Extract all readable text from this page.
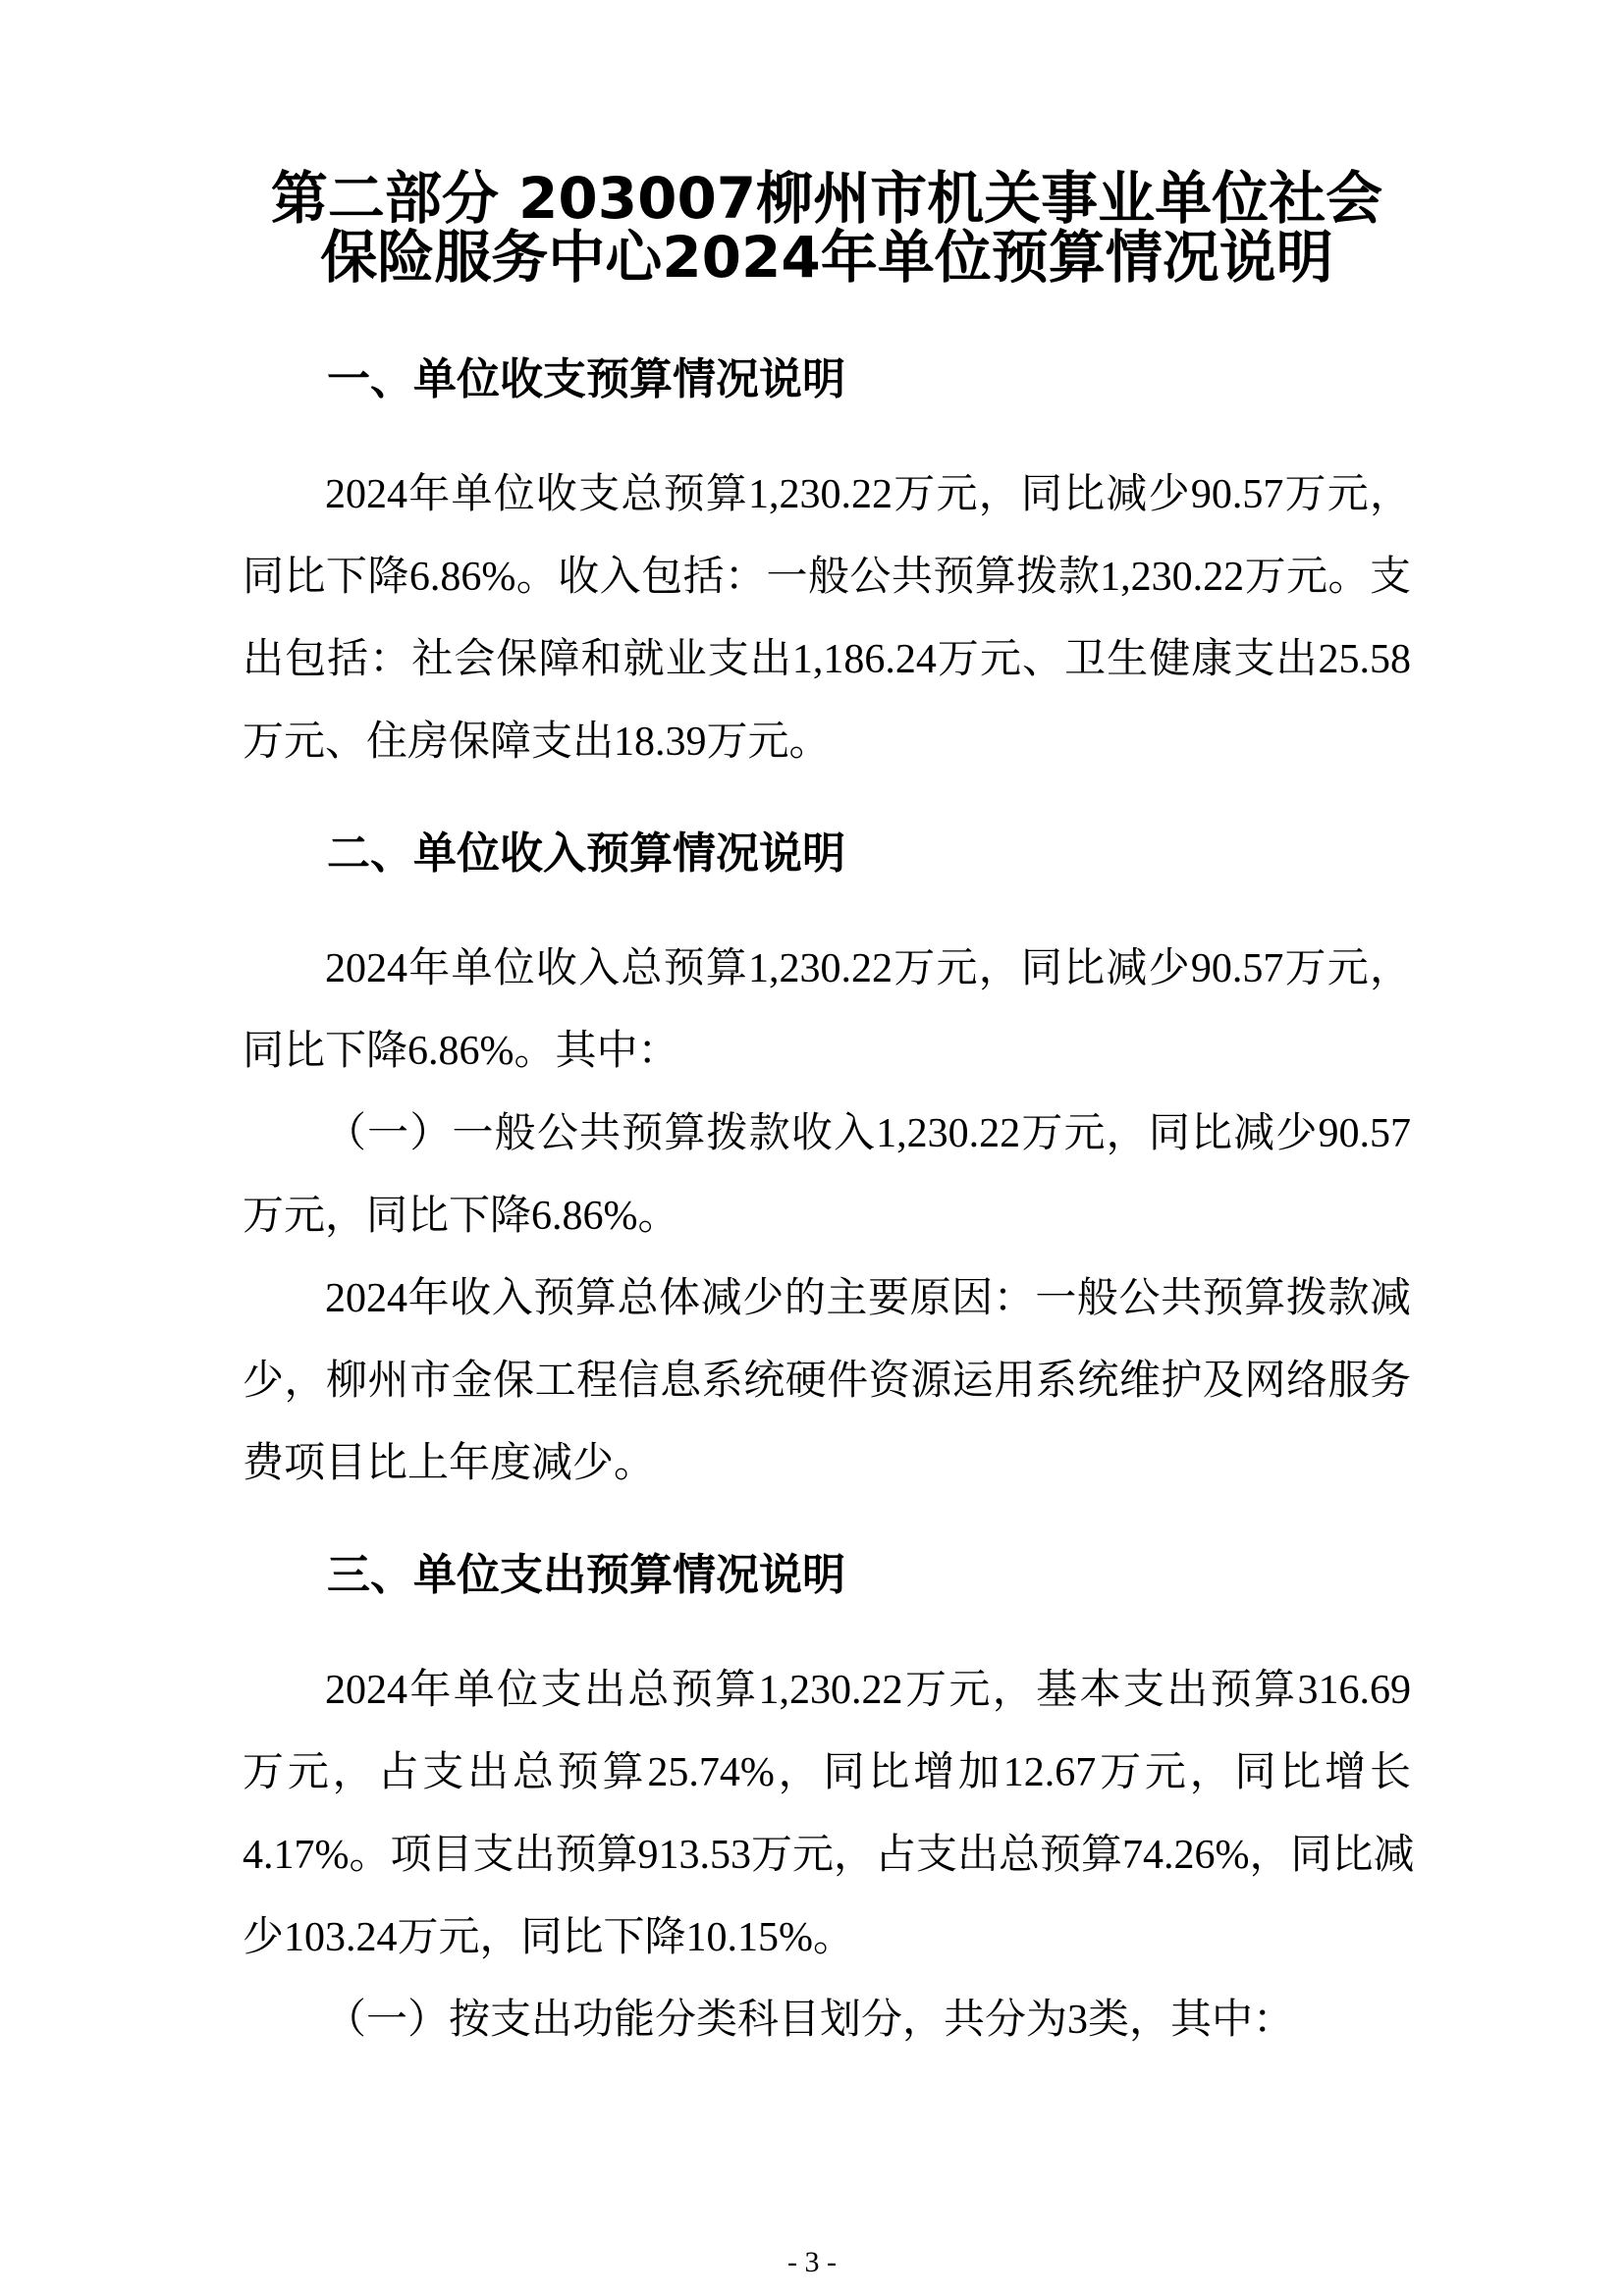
第二部分 203007柳州市机关事业单位社会
保险服务中心2024年单位预算情况说明
一、单位收支预算情况说明
2024年单位收支总预算1,230.22万元，同比减少90.57万元，
同比下降6.86%。收入包括：一般公共预算拨款1,230.22万元。支
出包括：社会保障和就业支出1,186.24万元、卫生健康支出25.58
万元、住房保障支出18.39万元。
二、单位收入预算情况说明
2024年单位收入总预算1,230.22万元，同比减少90.57万元，
同比下降6.86%。其中：
（一）一般公共预算拨款收入1,230.22万元，同比减少90.57
万元，同比下降6.86%。
2024年收入预算总体减少的主要原因：一般公共预算拨款减
少，柳州市金保工程信息系统硬件资源运用系统维护及网络服务
费项目比上年度减少。
三、单位支出预算情况说明
2024年单位支出总预算1,230.22万元，基本支出预算316.69
万元，占支出总预算25.74%，同比增加12.67万元，同比增长
4.17%。项目支出预算913.53万元，占支出总预算74.26%，同比减
少103.24万元，同比下降10.15%。
（一）按支出功能分类科目划分，共分为3类，其中：
- 3 -
